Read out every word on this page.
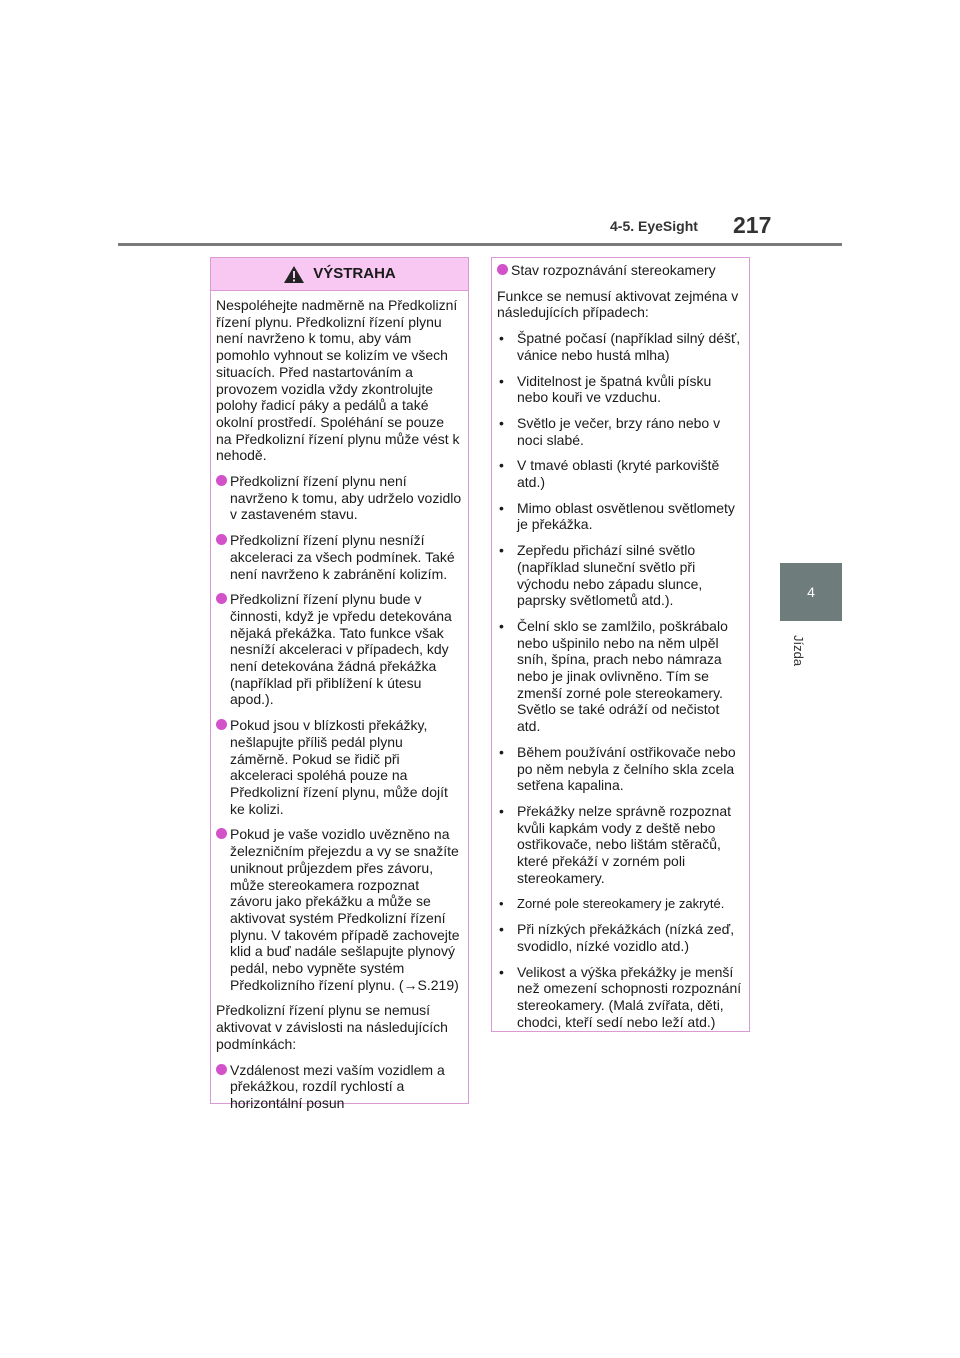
4-5. EyeSight 217
4
Jízda
VÝSTRAHA

Nespoléhejte nadměrně na Předkolizní řízení plynu. Předkolizní řízení plynu není navrženo k tomu, aby vám pomohlo vyhnout se kolizím ve všech situacích. Před nastartováním a provozem vozidla vždy zkontrolujte polohy řadicí páky a pedálů a také okolní prostředí. Spoléhání se pouze na Předkolizní řízení plynu může vést k nehodě.

Předkolizní řízení plynu není navrženo k tomu, aby udrželo vozidlo v zastaveném stavu.
Předkolizní řízení plynu nesníží akceleraci za všech podmínek. Také není navrženo k zabránění kolizím.
Předkolizní řízení plynu bude v činnosti, když je vpředu detekována nějaká překážka. Tato funkce však nesníží akceleraci v případech, kdy není detekována žádná překážka (například při přiblížení k útesu apod.).
Pokud jsou v blízkosti překážky, nešlapujte příliš pedál plynu záměrně. Pokud se řidič při akceleraci spoléhá pouze na Předkolizní řízení plynu, může dojít ke kolizi.
Pokud je vaše vozidlo uvězněno na železničním přejezdu a vy se snažíte uniknout průjezdem přes závoru, může stereokamera rozpoznat závoru jako překážku a může se aktivovat systém Předkolizní řízení plynu. V takovém případě zachovejte klid a buď nadále sešlapujte plynový pedál, nebo vypněte systém Předkolizního řízení plynu. (→S.219)

Předkolizní řízení plynu se nemusí aktivovat v závislosti na následujících podmínkách:

Vzdálenost mezi vaším vozidlem a překážkou, rozdíl rychlostí a horizontální posun
Stav rozpoznávání stereokamery

Funkce se nemusí aktivovat zejména v následujících případech:

• Špatné počasí (například silný déšť, vánice nebo hustá mlha)
• Viditelnost je špatná kvůli písku nebo kouři ve vzduchu.
• Světlo je večer, brzy ráno nebo v noci slabé.
• V tmavé oblasti (kryté parkoviště atd.)
• Mimo oblast osvětlenou světlomety je překážka.
• Zepředu přichází silné světlo (například sluneční světlo při východu nebo západu slunce, paprsky světlometů atd.).
• Čelní sklo se zamlžilo, poškrábalo nebo ušpinilo nebo na něm ulpěl sníh, špína, prach nebo námraza nebo je jinak ovlivněno. Tím se zmenší zorné pole stereokamery. Světlo se také odráží od nečistot atd.
• Během používání ostřikovače nebo po něm nebyla z čelního skla zcela setřena kapalina.
• Překážky nelze správně rozpoznat kvůli kapkám vody z deště nebo ostřikovače, nebo lištám stěračů, které překáží v zorném poli stereokamery.
•	Zorné pole stereokamery je zakryté.
• Při nízkých překážkách (nízká zeď, svodidlo, nízké vozidlo atd.)
• Velikost a výška překážky je menší než omezení schopnosti rozpoznání stereokamery. (Malá zvířata, děti, chodci, kteří sedí nebo leží atd.)
